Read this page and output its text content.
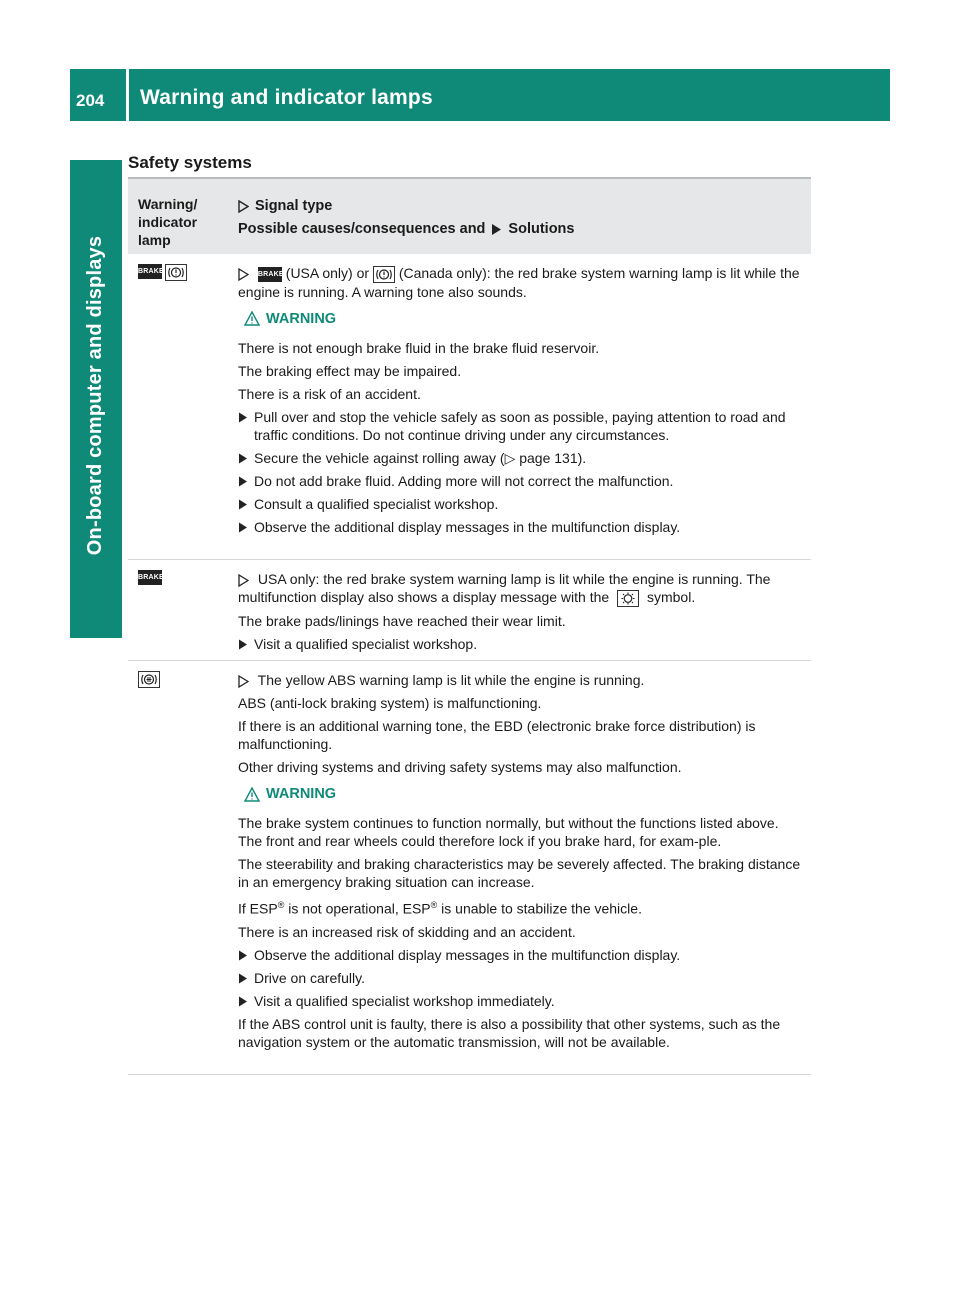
204	Warning and indicator lamps
On-board computer and displays
Safety systems
Warning/
indicator
lamp
Signal type
Possible causes/consequences and Solutions
BRAKE	BRAKE (USA only) or (Canada only): the red brake system warning lamp is lit while the engine is running. A warning tone also sounds.

WARNING

There is not enough brake fluid in the brake fluid reservoir.

The braking effect may be impaired.

There is a risk of an accident.

Pull over and stop the vehicle safely as soon as possible, paying attention to road and traffic conditions. Do not continue driving under any circumstances.
Secure the vehicle against rolling away (▷ page 131).
Do not add brake fluid. Adding more will not correct the malfunction.
Consult a qualified specialist workshop.
Observe the additional display messages in the multifunction display.
BRAKE	USA only: the red brake system warning lamp is lit while the engine is running. The multifunction display also shows a display message with the	symbol.

The brake pads/linings have reached their wear limit.

Visit a qualified specialist workshop.

The yellow ABS warning lamp is lit while the engine is running.

ABS (anti-lock braking system) is malfunctioning.

If there is an additional warning tone, the EBD (electronic brake force distribution) is malfunctioning.

Other driving systems and driving safety systems may also malfunction.

WARNING

The brake system continues to function normally, but without the functions listed above. The front and rear wheels could therefore lock if you brake hard, for exam-ple.

The steerability and braking characteristics may be severely affected. The braking distance in an emergency braking situation can increase.

If ESP® is not operational, ESP® is unable to stabilize the vehicle.

There is an increased risk of skidding and an accident.

Observe the additional display messages in the multifunction display.
Drive on carefully.
Visit a qualified specialist workshop immediately.

If the ABS control unit is faulty, there is also a possibility that other systems, such as the navigation system or the automatic transmission, will not be available.
